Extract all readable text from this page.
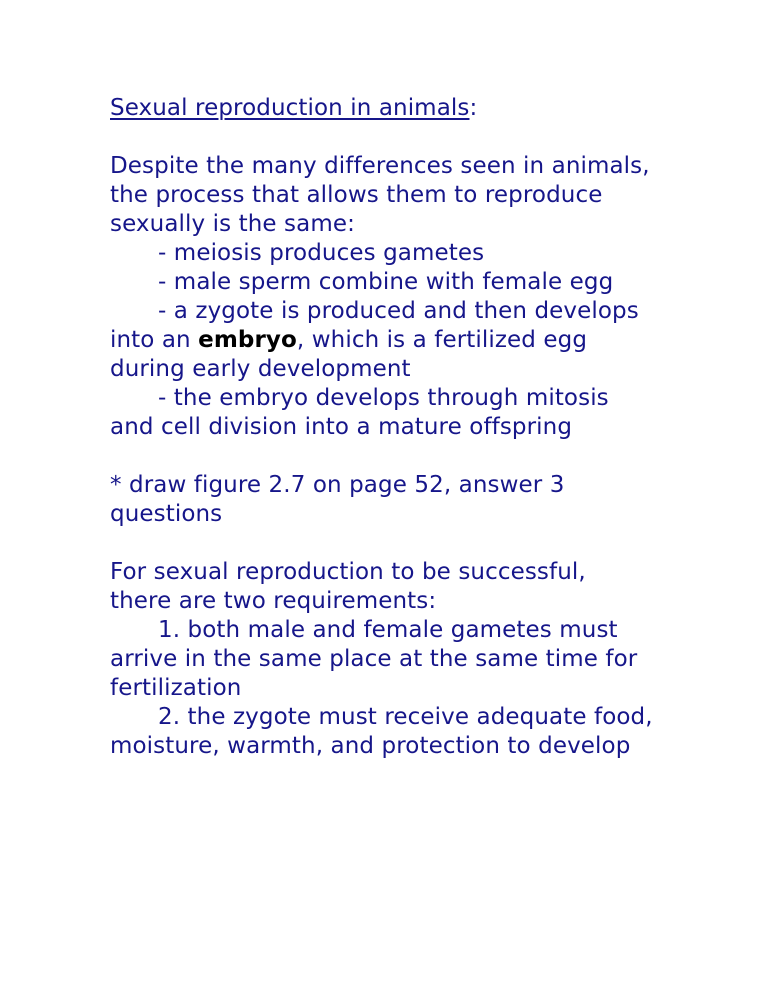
Sexual reproduction in animals:
Despite the many differences seen in animals,
the process that allows them to reproduce
sexually is the same:
- meiosis produces gametes
- male sperm combine with female egg
- a zygote is produced and then develops
into an embryo, which is a fertilized egg
during early development
- the embryo develops through mitosis
and cell division into a mature offspring
* draw figure 2.7 on page 52, answer 3
questions
For sexual reproduction to be successful,
there are two requirements:
1. both male and female gametes must
arrive in the same place at the same time for
fertilization
2. the zygote must receive adequate food,
moisture, warmth, and protection to develop
